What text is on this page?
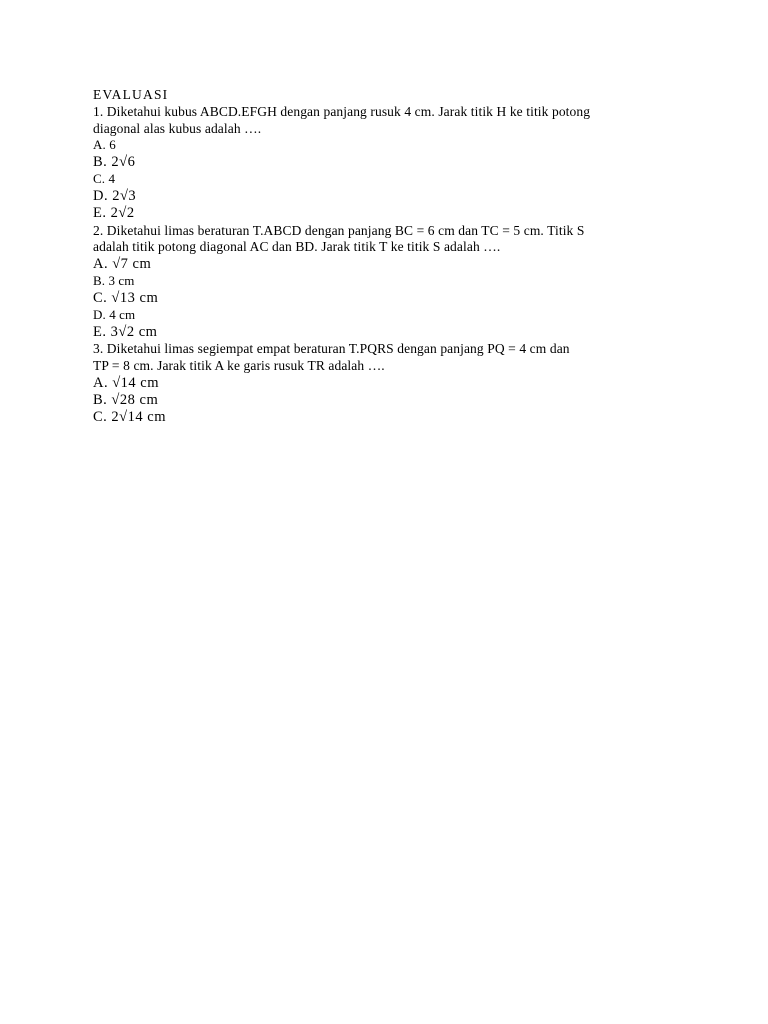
EVALUASI
1. Diketahui kubus ABCD.EFGH dengan panjang rusuk 4 cm. Jarak titik H ke titik potong
diagonal alas kubus adalah ….
A. 6
B. 2√6
C. 4
D. 2√3
E. 2√2
2. Diketahui limas beraturan T.ABCD dengan panjang BC = 6 cm dan TC = 5 cm. Titik S
adalah titik potong diagonal AC dan BD. Jarak titik T ke titik S adalah ….
A. √7 cm
B. 3 cm
C. √13 cm
D. 4 cm
E. 3√2 cm
3. Diketahui limas segiempat empat beraturan T.PQRS dengan panjang PQ = 4 cm dan
TP = 8 cm. Jarak titik A ke garis rusuk TR adalah ….
A. √14 cm
B. √28 cm
C. 2√14 cm
